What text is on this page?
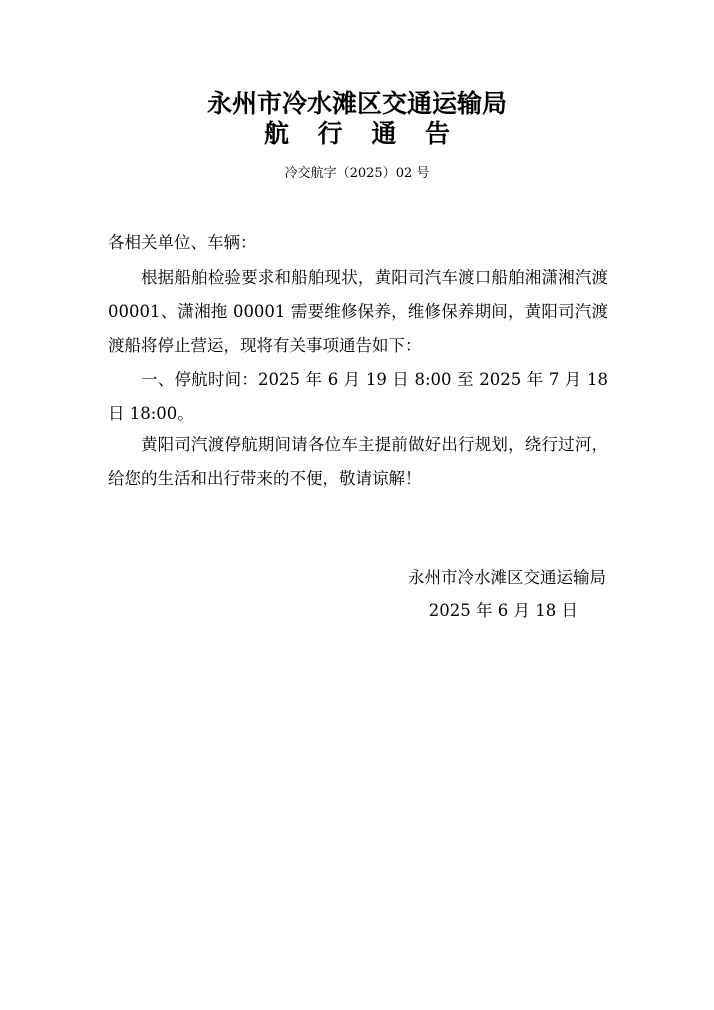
永州市冷水滩区交通运输局
航 行 通 告
冷交航字（2025）02 号
各相关单位、车辆：

根据船舶检验要求和船舶现状，黄阳司汽车渡口船舶湘潇湘汽渡 00001、潇湘拖 00001 需要维修保养，维修保养期间，黄阳司汽渡渡船将停止营运，现将有关事项通告如下：

一、停航时间：2025 年 6 月 19 日 8:00 至 2025 年 7 月 18 日 18:00。

黄阳司汽渡停航期间请各位车主提前做好出行规划，绕行过河，给您的生活和出行带来的不便，敬请谅解！

永州市冷水滩区交通运输局
2025 年 6 月 18 日
